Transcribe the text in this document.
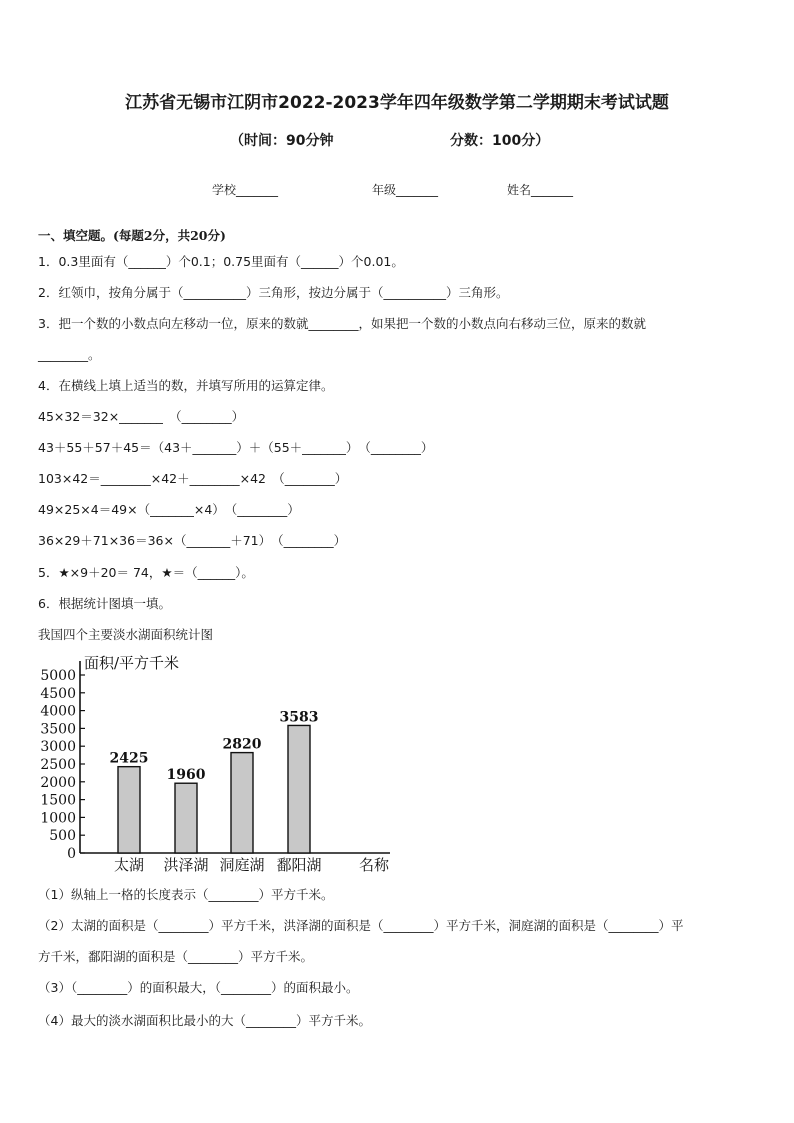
江苏省无锡市江阴市2022-2023学年四年级数学第二学期期末考试试题
（时间：90分钟	分数：100分）
学校_______	年级_______	姓名_______
一、填空题。(每题2分，共20分)
1．0.3里面有（______）个0.1；0.75里面有（______）个0.01。
2．红领巾，按角分属于（__________）三角形，按边分属于（__________）三角形。
3．把一个数的小数点向左移动一位，原来的数就________，如果把一个数的小数点向右移动三位，原来的数就
________。
4．在横线上填上适当的数，并填写所用的运算定律。
45×32＝32×_______　（________）
43＋55＋57＋45＝（43＋_______）＋（55＋_______）　（________）
103×42＝________×42＋________×42　（________）
49×25×4＝49×（_______×4）　（________）
36×29＋71×36＝36×（_______＋71）　（________）
5．★×9＋20＝ 74，★＝（______）。
6．根据统计图填一填。
我国四个主要淡水湖面积统计图
面积/平方千米
0
500
1000
1500
2000
2500
3000
3500
4000
4500
5000
2425
太湖
1960
洪泽湖
2820
洞庭湖
3583
鄱阳湖 名称
（1）纵轴上一格的长度表示（________）平方千米。
（2）太湖的面积是（________）平方千米，洪泽湖的面积是（________）平方千米，洞庭湖的面积是（________）平
方千米，鄱阳湖的面积是（________）平方千米。
（3）（________）的面积最大，（________）的面积最小。
（4）最大的淡水湖面积比最小的大（________）平方千米。
